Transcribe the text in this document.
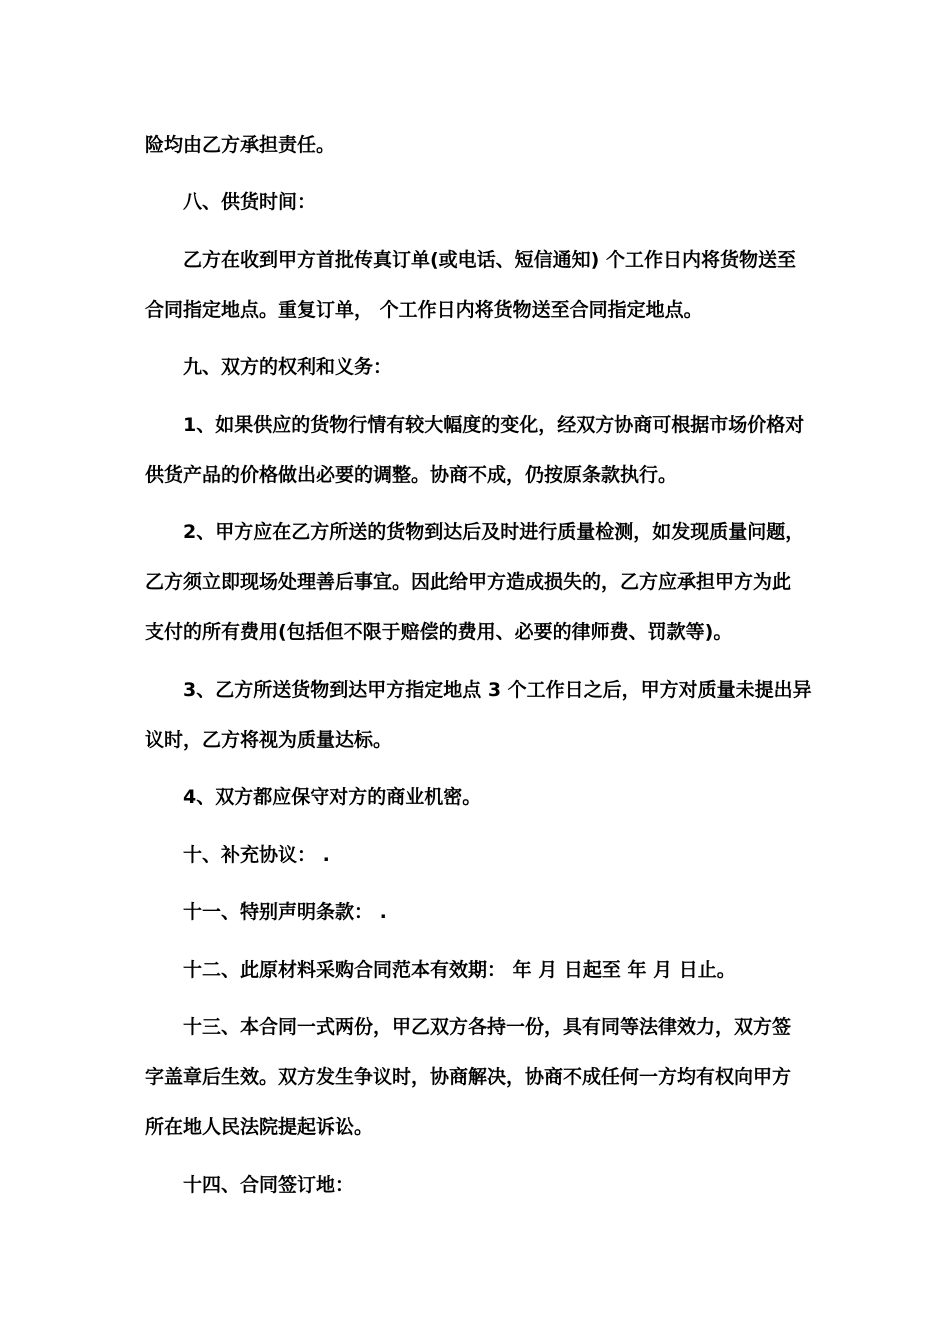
险均由乙方承担责任。
八、供货时间：
乙方在收到甲方首批传真订单(或电话、短信通知) 个工作日内将货物送至
合同指定地点。重复订单， 个工作日内将货物送至合同指定地点。
九、双方的权利和义务：
1、如果供应的货物行情有较大幅度的变化，经双方协商可根据市场价格对
供货产品的价格做出必要的调整。协商不成，仍按原条款执行。
2、甲方应在乙方所送的货物到达后及时进行质量检测，如发现质量问题，
乙方须立即现场处理善后事宜。因此给甲方造成损失的，乙方应承担甲方为此
支付的所有费用(包括但不限于赔偿的费用、必要的律师费、罚款等)。
3、乙方所送货物到达甲方指定地点 3 个工作日之后，甲方对质量未提出异
议时，乙方将视为质量达标。
4、双方都应保守对方的商业机密。
十、补充协议： .
十一、特别声明条款： .
十二、此原材料采购合同范本有效期： 年 月 日起至 年 月 日止。
十三、本合同一式两份，甲乙双方各持一份，具有同等法律效力，双方签
字盖章后生效。双方发生争议时，协商解决，协商不成任何一方均有权向甲方
所在地人民法院提起诉讼。
十四、合同签订地：
